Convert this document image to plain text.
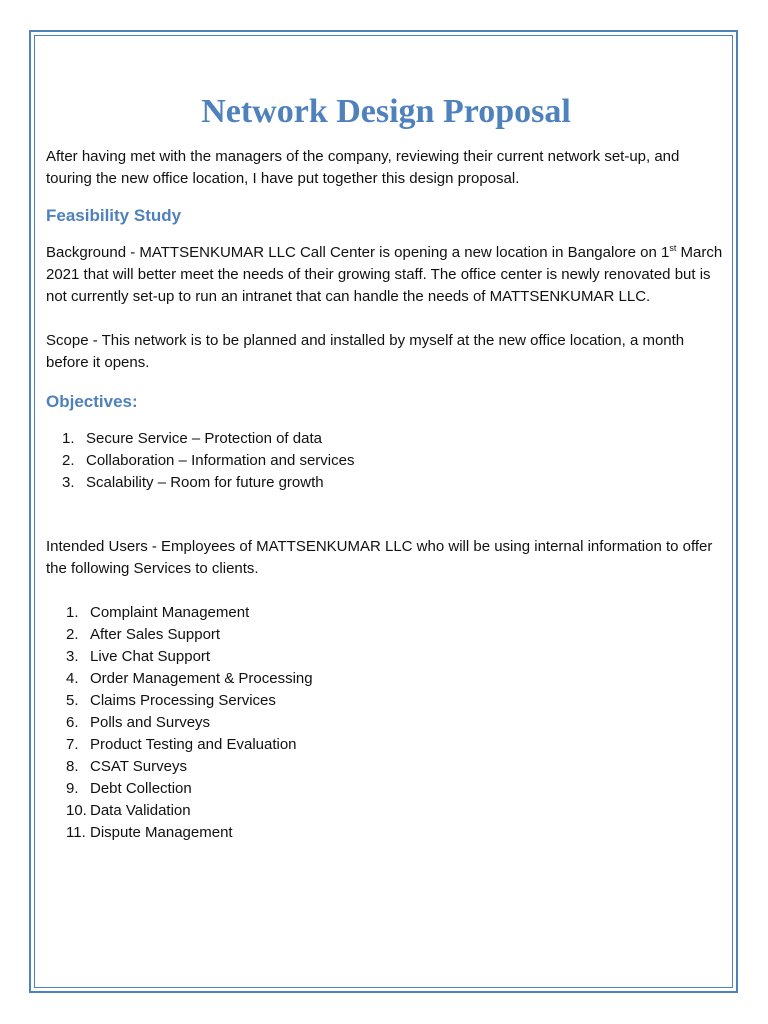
Network Design Proposal

After having met with the managers of the company, reviewing their current network set-up, and touring the new office location, I have put together this design proposal.

Feasibility Study

Background - MATTSENKUMAR LLC Call Center is opening a new location in Bangalore on 1st March 2021 that will better meet the needs of their growing staff. The office center is newly renovated but is not currently set-up to run an intranet that can handle the needs of MATTSENKUMAR LLC.

Scope - This network is to be planned and installed by myself at the new office location, a month before it opens.

Objectives:
1. Secure Service – Protection of data
2. Collaboration – Information and services
3. Scalability – Room for future growth

Intended Users - Employees of MATTSENKUMAR LLC who will be using internal information to offer the following Services to clients.

1. Complaint Management
2. After Sales Support
3. Live Chat Support
4. Order Management & Processing
5. Claims Processing Services
6. Polls and Surveys
7. Product Testing and Evaluation
8. CSAT Surveys
9. Debt Collection
10. Data Validation
11. Dispute Management
